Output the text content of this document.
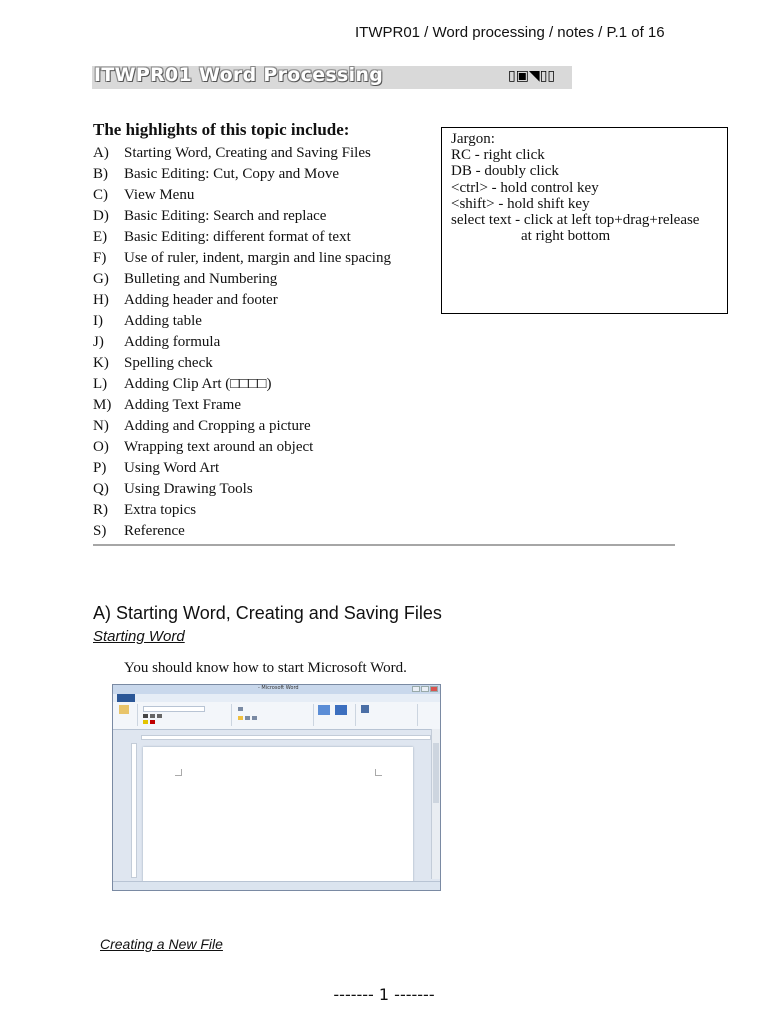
ITWPR01 / Word processing / notes / P.1 of 16
ITWPR01 Word Processing	▯▣◥▯▯
The highlights of this topic include:
A)	Starting Word, Creating and Saving Files
B)	Basic Editing: Cut, Copy and Move
C)	View Menu
D)	Basic Editing: Search and replace
E)	Basic Editing: different format of text
F)	Use of ruler, indent, margin and line spacing
G)	Bulleting and Numbering
H)	Adding header and footer
I)	Adding table
J)	Adding formula
K)	Spelling check
L)	Adding Clip Art (□□□□)
M) Adding Text Frame
N)	Adding and Cropping a picture
O)	Wrapping text around an object
P)	Using Word Art
Q)	Using Drawing Tools
R)	Extra topics
S)	Reference
Jargon:
RC - right click
DB - doubly click
<ctrl> - hold control key
<shift> - hold shift key
select text - click at left top+drag+release
at right bottom
A) Starting Word, Creating and Saving Files
Starting Word
You should know how to start Microsoft Word.
- Microsoft Word
Creating a New File
------- 1 -------
